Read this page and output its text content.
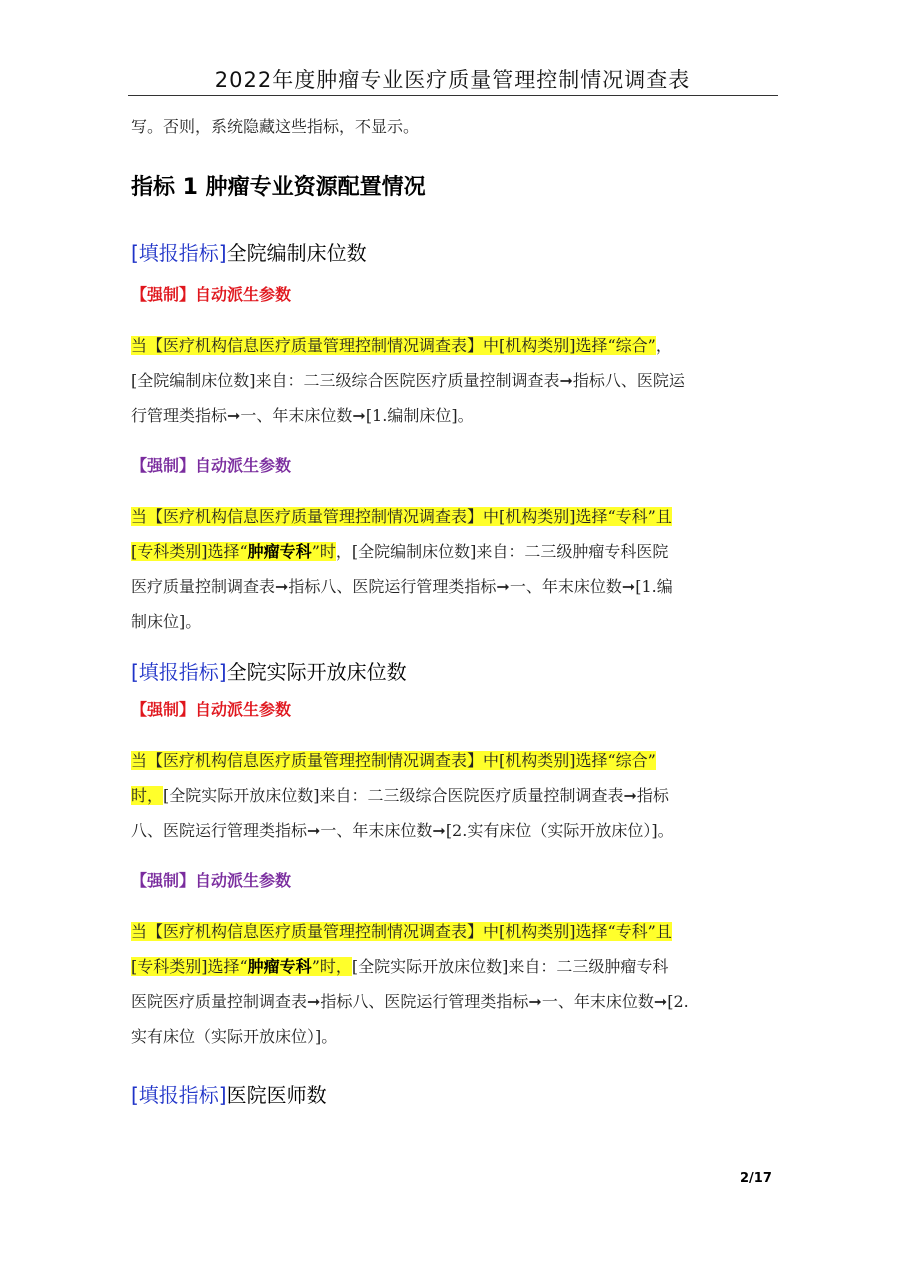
2022年度肿瘤专业医疗质量管理控制情况调查表
写。否则，系统隐藏这些指标，不显示。
指标 1 肿瘤专业资源配置情况
[填报指标]全院编制床位数
【强制】自动派生参数
当【医疗机构信息医疗质量管理控制情况调查表】中[机构类别]选择“综合”，
[全院编制床位数]来自：二三级综合医院医疗质量控制调查表➞指标八、医院运
行管理类指标➞一、年末床位数➞[1.编制床位]。
【强制】自动派生参数
当【医疗机构信息医疗质量管理控制情况调查表】中[机构类别]选择“专科”且
[专科类别]选择“肿瘤专科”时，[全院编制床位数]来自：二三级肿瘤专科医院
医疗质量控制调查表➞指标八、医院运行管理类指标➞一、年末床位数➞[1.编
制床位]。
[填报指标]全院实际开放床位数
【强制】自动派生参数
当【医疗机构信息医疗质量管理控制情况调查表】中[机构类别]选择“综合”
时，[全院实际开放床位数]来自：二三级综合医院医疗质量控制调查表➞指标
八、医院运行管理类指标➞一、年末床位数➞[2.实有床位（实际开放床位）]。
【强制】自动派生参数
当【医疗机构信息医疗质量管理控制情况调查表】中[机构类别]选择“专科”且
[专科类别]选择“肿瘤专科”时，[全院实际开放床位数]来自：二三级肿瘤专科
医院医疗质量控制调查表➞指标八、医院运行管理类指标➞一、年末床位数➞[2.
实有床位（实际开放床位）]。
[填报指标]医院医师数
2/17
